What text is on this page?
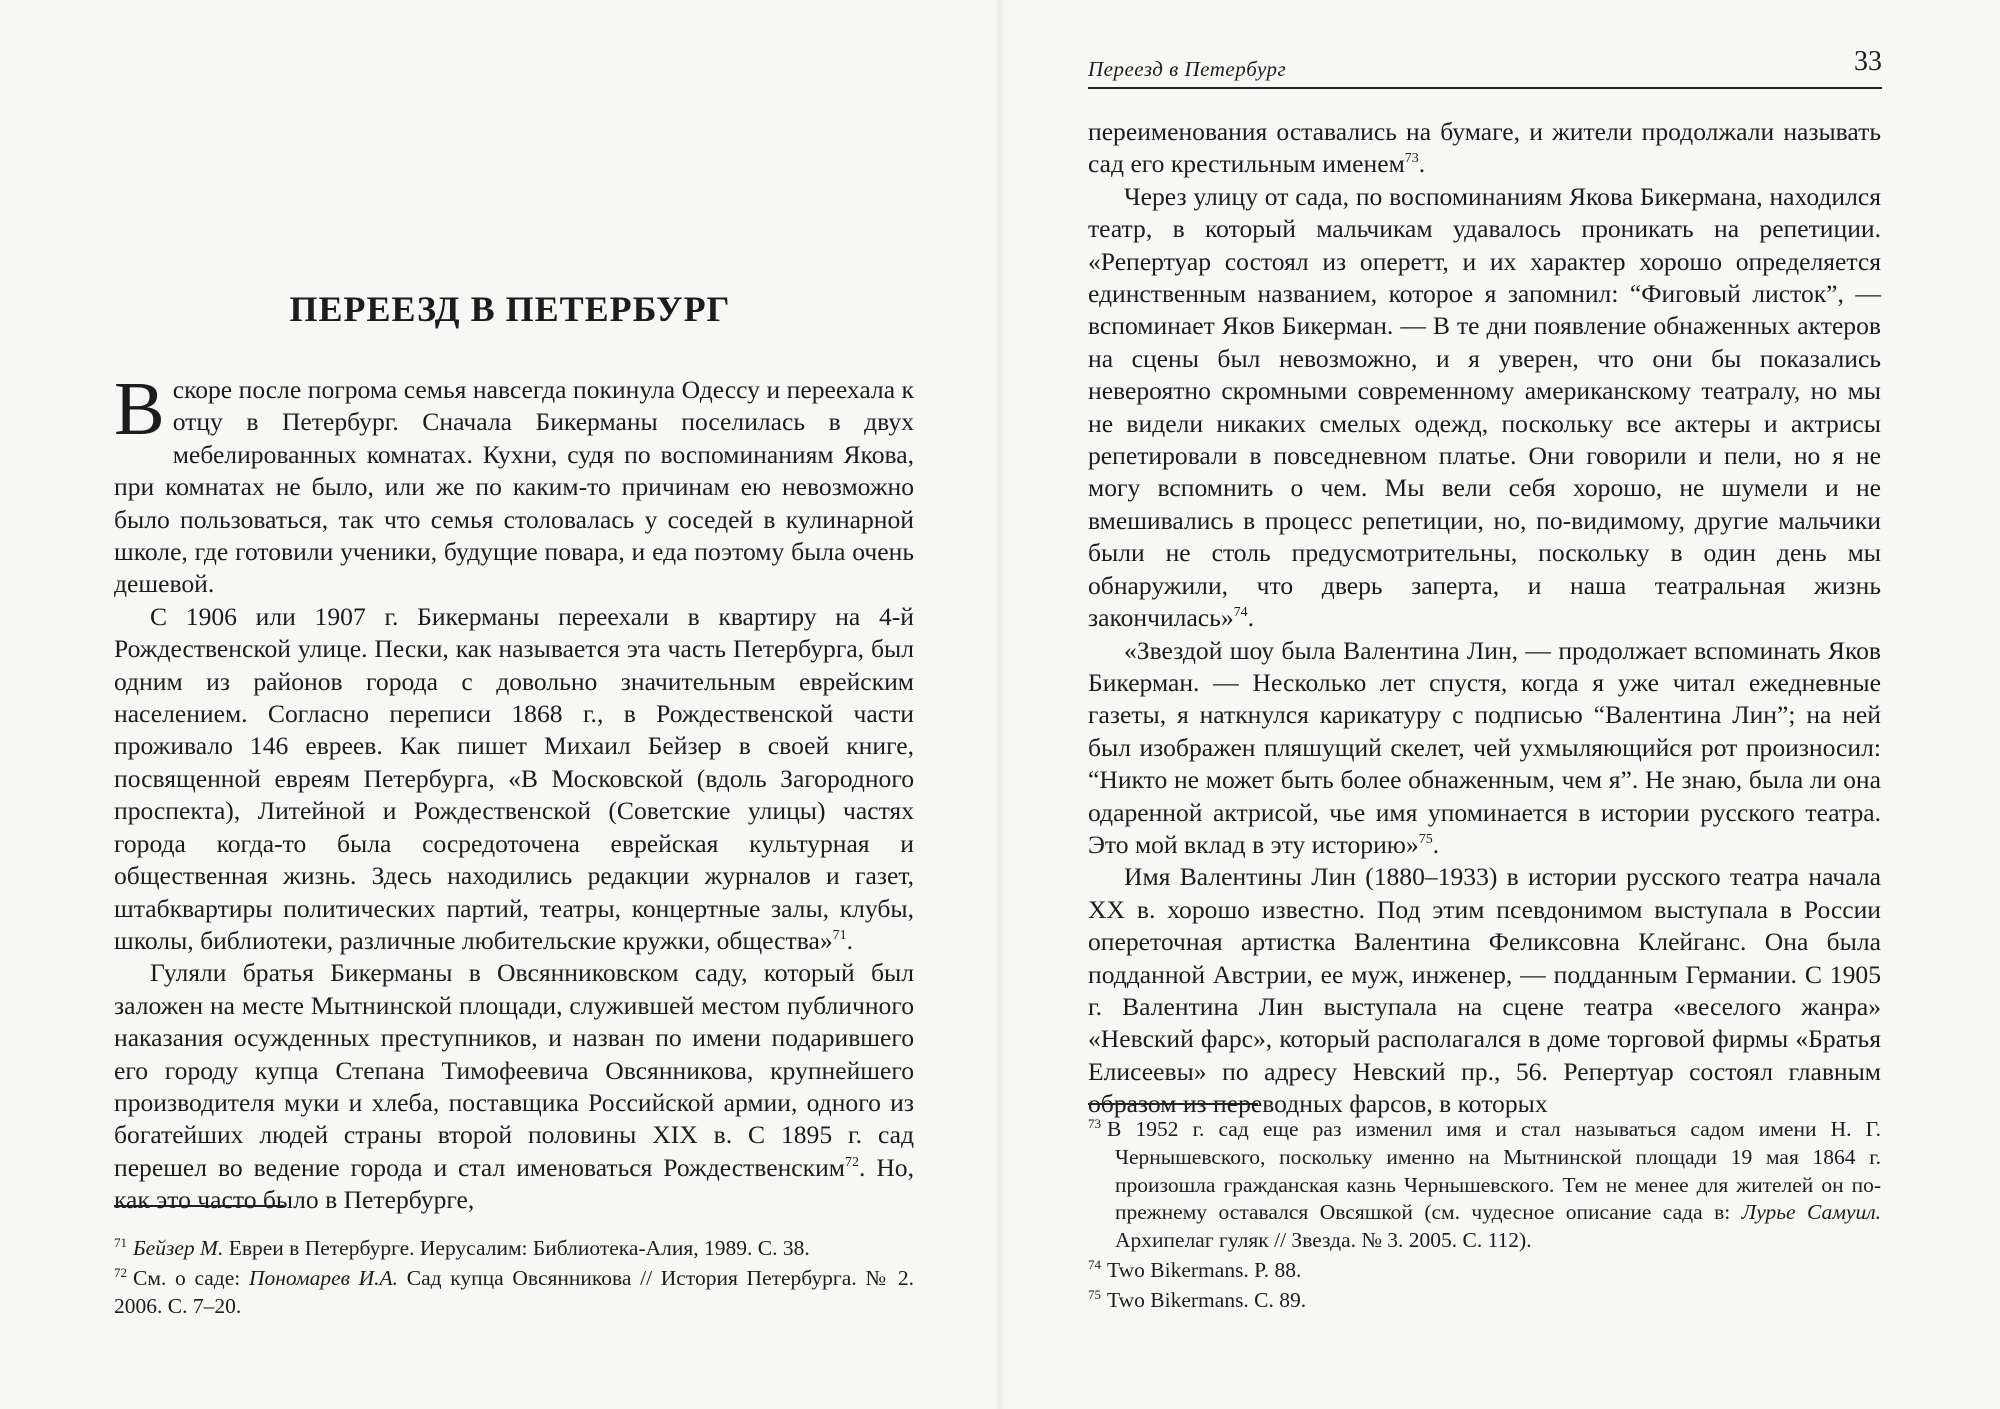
ПЕРЕЕЗД В ПЕТЕРБУРГ

Вскоре после погрома семья навсегда покинула Одессу и переехала к отцу в Петербург. Сначала Бикерманы поселилась в двух мебелированных комнатах. Кухни, судя по воспоминаниям Якова, при комнатах не было, или же по каким-то причинам ею невозможно было пользоваться, так что семья столовалась у соседей в кулинарной школе, где готовили ученики, будущие повара, и еда поэтому была очень дешевой.

С 1906 или 1907 г. Бикерманы переехали в квартиру на 4-й Рождественской улице. Пески, как называется эта часть Петербурга, был одним из районов города с довольно значительным еврейским населением. Согласно переписи 1868 г., в Рождественской части проживало 146 евреев. Как пишет Михаил Бейзер в своей книге, посвященной евреям Петербурга, «В Московской (вдоль Загородного проспекта), Литейной и Рождественской (Советские улицы) частях города когда-то была сосредоточена еврейская культурная и общественная жизнь. Здесь находились редакции журналов и газет, штабквартиры политических партий, театры, концертные залы, клубы, школы, библиотеки, различные любительские кружки, общества»$^{71}$.

Гуляли братья Бикерманы в Овсянниковском саду, который был заложен на месте Мытнинской площади, служившей местом публичного наказания осужденных преступников, и назван по имени подарившего его городу купца Степана Тимофеевича Овсянникова, крупнейшего производителя муки и хлеба, поставщика Российской армии, одного из богатейших людей страны второй половины XIX в. С 1895 г. сад перешел во ведение города и стал именоваться Рождественским$^{72}$. Но, как это часто было в Петербурге,

$^{71}$ Бейзер М. Евреи в Петербурге. Иерусалим: Библиотека-Алия, 1989. С. 38.

$^{72}$ См. о саде: Пономарев И.А. Сад купца Овсянникова // История Петербурга. № 2. 2006. С. 7–20.

Переезд в Петербург	33

переименования оставались на бумаге, и жители продолжали называть сад его крестильным именем$^{73}$.

Через улицу от сада, по воспоминаниям Якова Бикермана, находился театр, в который мальчикам удавалось проникать на репетиции. «Репертуар состоял из оперетт, и их характер хорошо определяется единственным названием, которое я запомнил: “Фиговый листок”, — вспоминает Яков Бикерман. — В те дни появление обнаженных актеров на сцены был невозможно, и я уверен, что они бы показались невероятно скромными современному американскому театралу, но мы не видели никаких смелых одежд, поскольку все актеры и актрисы репетировали в повседневном платье. Они говорили и пели, но я не могу вспомнить о чем. Мы вели себя хорошо, не шумели и не вмешивались в процесс репетиции, но, по-видимому, другие мальчики были не столь предусмотрительны, поскольку в один день мы обнаружили, что дверь заперта, и наша театральная жизнь закончилась»$^{74}$.

«Звездой шоу была Валентина Лин, — продолжает вспоминать Яков Бикерман. — Несколько лет спустя, когда я уже читал ежедневные газеты, я наткнулся карикатуру с подписью “Валентина Лин”; на ней был изображен пляшущий скелет, чей ухмыляющийся рот произносил: “Никто не может быть более обнаженным, чем я”. Не знаю, была ли она одаренной актрисой, чье имя упоминается в истории русского театра. Это мой вклад в эту историю»$^{75}$.

Имя Валентины Лин (1880–1933) в истории русского театра начала XX в. хорошо известно. Под этим псевдонимом выступала в России опереточная артистка Валентина Феликсовна Клейганс. Она была подданной Австрии, ее муж, инженер, — подданным Германии. С 1905 г. Валентина Лин выступала на сцене театра «веселого жанра» «Невский фарс», который располагался в доме торговой фирмы «Братья Елисеевы» по адресу Невский пр., 56. Репертуар состоял главным образом из переводных фарсов, в которых

$^{73}$ В 1952 г. сад еще раз изменил имя и стал называться садом имени Н. Г. Чернышевского, поскольку именно на Мытнинской площади 19 мая 1864 г. произошла гражданская казнь Чернышевского. Тем не менее для жителей он по-прежнему оставался Овсяшкой (см. чудесное описание сада в: Лурье Самуил. Архипелаг гуляк // Звезда. № 3. 2005. С. 112).

$^{74}$ Two Bikermans. P. 88.

$^{75}$ Two Bikermans. C. 89.
